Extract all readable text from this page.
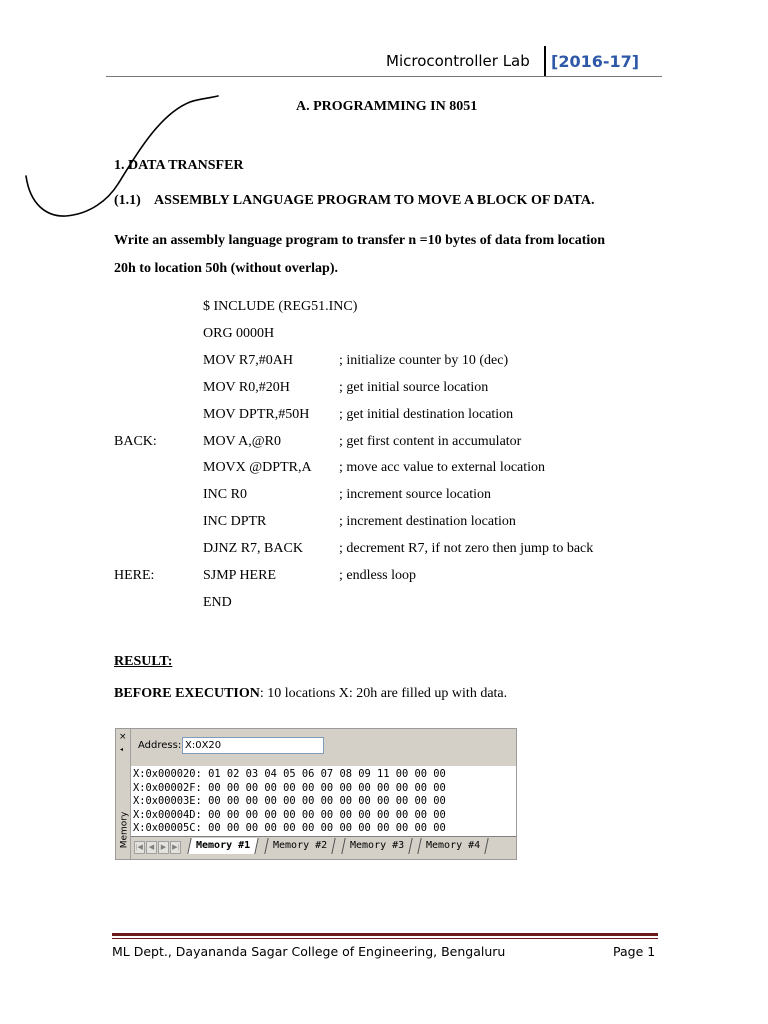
Microcontroller Lab [2016-17]
A. PROGRAMMING IN 8051
1. DATA TRANSFER
(1.1)    ASSEMBLY LANGUAGE PROGRAM TO MOVE A BLOCK OF DATA.
Write an assembly language program to transfer n =10 bytes of data from location
20h to location 50h (without overlap).
$ INCLUDE (REG51.INC)
ORG 0000H
MOV R7,#0AH	; initialize counter by 10 (dec)
MOV R0,#20H	; get initial source location
MOV DPTR,#50H ; get initial destination location
BACK:	MOV A,@R0	; get first content in accumulator
MOVX @DPTR,A ; move acc value to external location
INC R0	; increment source location
INC DPTR	; increment destination location
DJNZ R7, BACK	; decrement R7, if not zero then jump to back
HERE:	SJMP HERE	; endless loop
END
RESULT:
BEFORE EXECUTION: 10 locations X: 20h are filled up with data.
×
◂
Memory
Address: X:0X20
X:0x000020: 01 02 03 04 05 06 07 08 09 11 00 00 00
X:0x00002F: 00 00 00 00 00 00 00 00 00 00 00 00 00
X:0x00003E: 00 00 00 00 00 00 00 00 00 00 00 00 00
X:0x00004D: 00 00 00 00 00 00 00 00 00 00 00 00 00
X:0x00005C: 00 00 00 00 00 00 00 00 00 00 00 00 00
|◀ ◀ ▶ ▶|	Memory #1	Memory #2	Memory #3	Memory #4
ML Dept., Dayananda Sagar College of Engineering, Bengaluru	Page 1
